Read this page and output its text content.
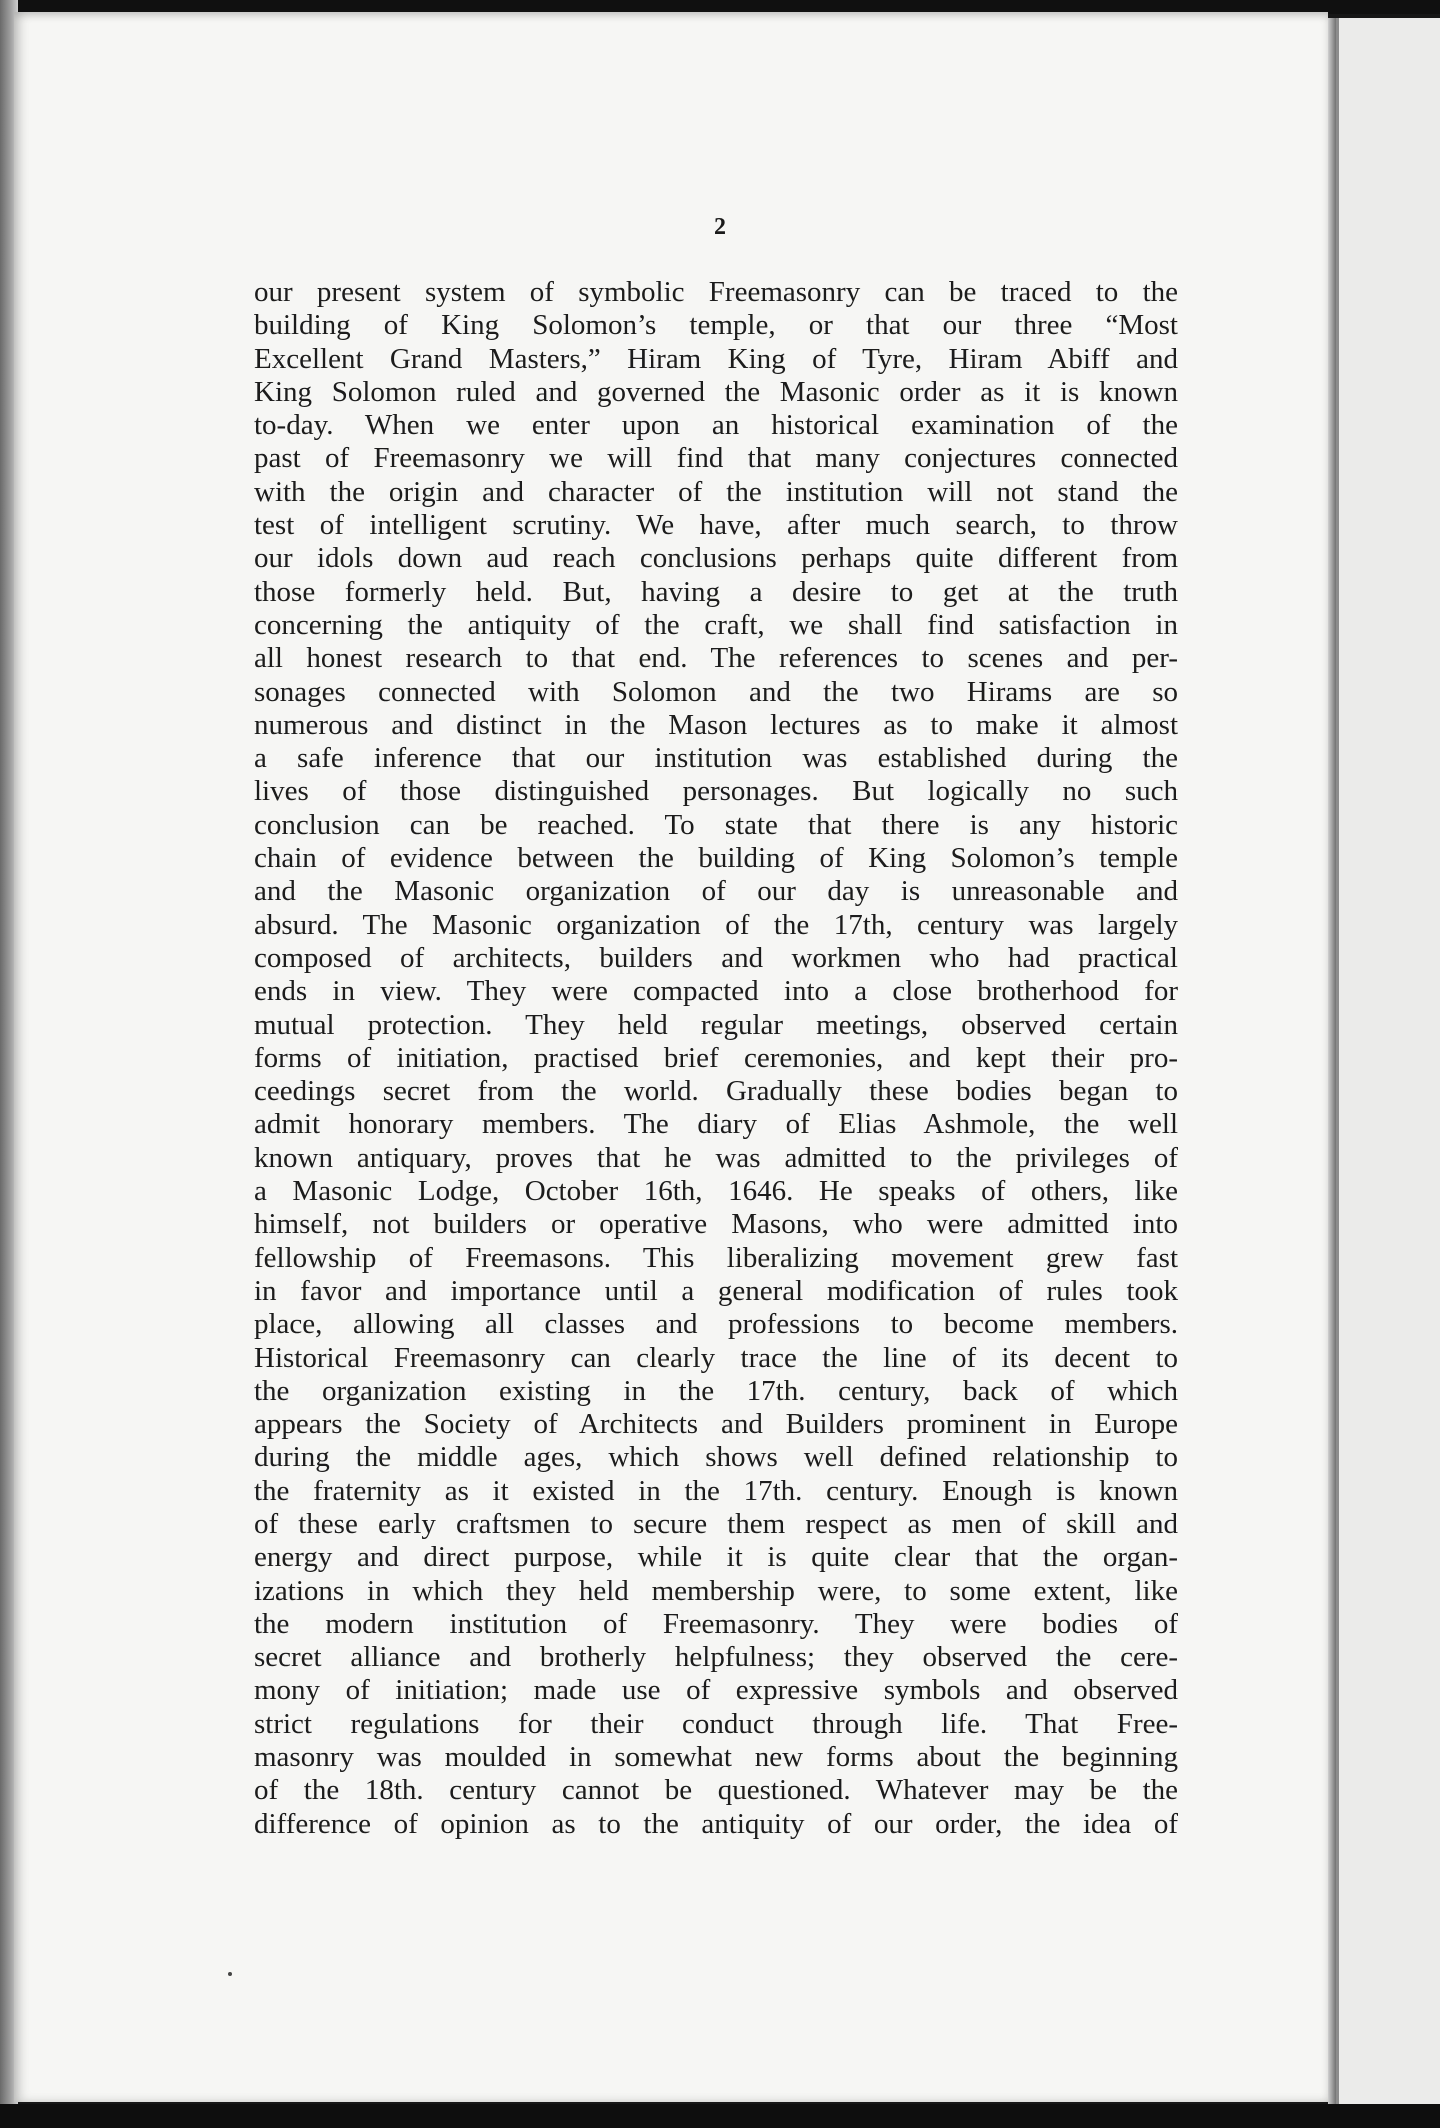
2
our present system of symbolic Freemasonry can be traced to the
building of King Solomon’s temple, or that our three “Most
Excellent Grand Masters,” Hiram King of Tyre, Hiram Abiff and
King Solomon ruled and governed the Masonic order as it is known
to-day. When we enter upon an historical examination of the
past of Freemasonry we will find that many conjectures connected
with the origin and character of the institution will not stand the
test of intelligent scrutiny. We have, after much search, to throw
our idols down aud reach conclusions perhaps quite different from
those formerly held. But, having a desire to get at the truth
concerning the antiquity of the craft, we shall find satisfaction in
all honest research to that end. The references to scenes and per-
sonages connected with Solomon and the two Hirams are so
numerous and distinct in the Mason lectures as to make it almost
a safe inference that our institution was established during the
lives of those distinguished personages. But logically no such
conclusion can be reached. To state that there is any historic
chain of evidence between the building of King Solomon’s temple
and the Masonic organization of our day is unreasonable and
absurd. The Masonic organization of the 17th, century was largely
composed of architects, builders and workmen who had practical
ends in view. They were compacted into a close brotherhood for
mutual protection. They held regular meetings, observed certain
forms of initiation, practised brief ceremonies, and kept their pro-
ceedings secret from the world. Gradually these bodies began to
admit honorary members. The diary of Elias Ashmole, the well
known antiquary, proves that he was admitted to the privileges of
a Masonic Lodge, October 16th, 1646. He speaks of others, like
himself, not builders or operative Masons, who were admitted into
fellowship of Freemasons. This liberalizing movement grew fast
in favor and importance until a general modification of rules took
place, allowing all classes and professions to become members.
Historical Freemasonry can clearly trace the line of its decent to
the organization existing in the 17th. century, back of which
appears the Society of Architects and Builders prominent in Europe
during the middle ages, which shows well defined relationship to
the fraternity as it existed in the 17th. century. Enough is known
of these early craftsmen to secure them respect as men of skill and
energy and direct purpose, while it is quite clear that the organ-
izations in which they held membership were, to some extent, like
the modern institution of Freemasonry. They were bodies of
secret alliance and brotherly helpfulness; they observed the cere-
mony of initiation; made use of expressive symbols and observed
strict regulations for their conduct through life. That Free-
masonry was moulded in somewhat new forms about the beginning
of the 18th. century cannot be questioned. Whatever may be the
difference of opinion as to the antiquity of our order, the idea of
